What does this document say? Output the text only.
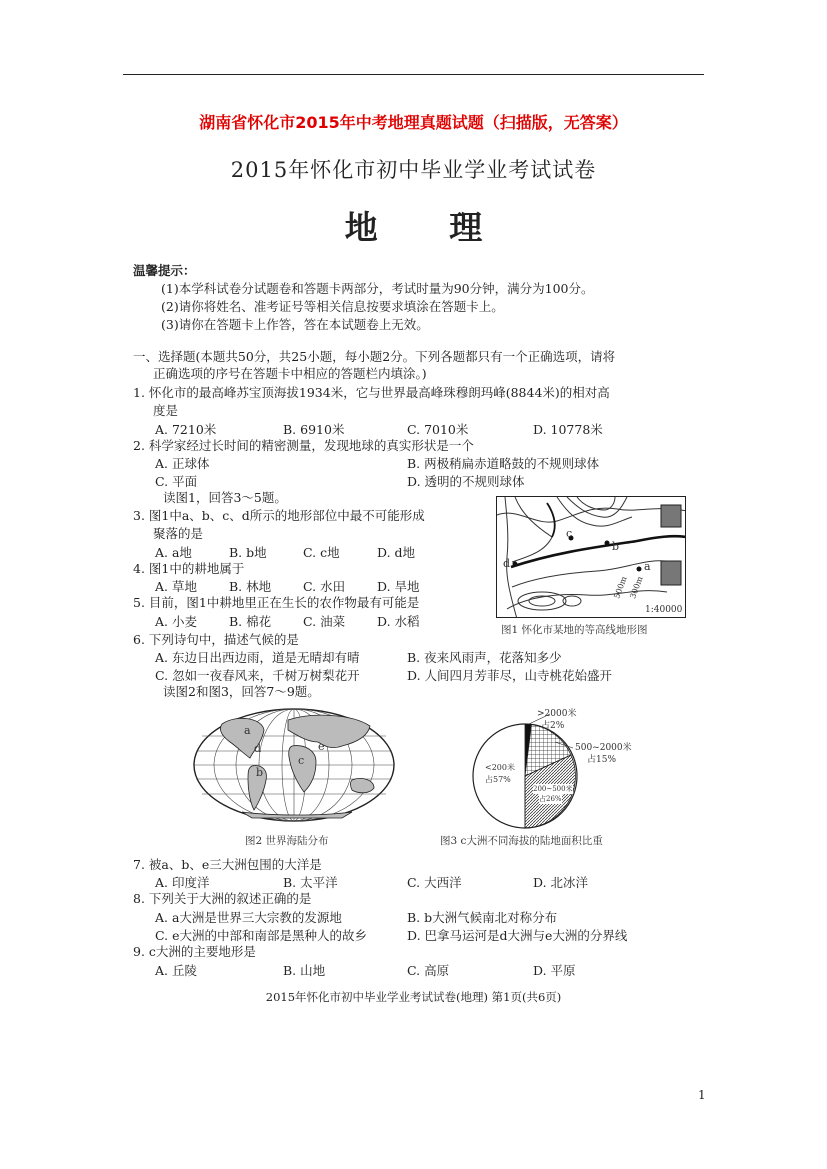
湖南省怀化市2015年中考地理真题试题（扫描版，无答案）
2015年怀化市初中毕业学业考试试卷
地 理
温馨提示：
(1)本学科试卷分试题卷和答题卡两部分，考试时量为90分钟，满分为100分。
(2)请你将姓名、准考证号等相关信息按要求填涂在答题卡上。
(3)请你在答题卡上作答，答在本试题卷上无效。
一、选择题(本题共50分，共25小题，每小题2分。下列各题都只有一个正确选项，请将
正确选项的序号在答题卡中相应的答题栏内填涂。)
1. 怀化市的最高峰苏宝顶海拔1934米，它与世界最高峰珠穆朗玛峰(8844米)的相对高
度是
A. 7210米	B. 6910米	C. 7010米	D. 10778米
2. 科学家经过长时间的精密测量，发现地球的真实形状是一个
A. 正球体	B. 两极稍扁赤道略鼓的不规则球体
C. 平面	D. 透明的不规则球体
读图1，回答3～5题。
3. 图1中a、b、c、d所示的地形部位中最不可能形成
聚落的是
A. a地	B. b地	C. c地	D. d地
4. 图1中的耕地属于
A. 草地	B. 林地	C. 水田	D. 旱地
5. 目前，图1中耕地里正在生长的农作物最有可能是
A. 小麦	B. 棉花	C. 油菜	D. 水稻
c
b
a
d
500m 300m
1:40000
图1 怀化市某地的等高线地形图
6. 下列诗句中，描述气候的是
A. 东边日出西边雨，道是无晴却有晴	B. 夜来风雨声，花落知多少
C. 忽如一夜春风来，千树万树梨花开	D. 人间四月芳菲尽，山寺桃花始盛开
读图2和图3，回答7～9题。
a
b
c
d	e
图2 世界海陆分布
>2000米
占2%
500~2000米
占15%
<200米
占57%
200~500米
占26%
图3 c大洲不同海拔的陆地面积比重
7. 被a、b、e三大洲包围的大洋是
A. 印度洋	B. 太平洋	C. 大西洋	D. 北冰洋
8. 下列关于大洲的叙述正确的是
A. a大洲是世界三大宗教的发源地	B. b大洲气候南北对称分布
C. e大洲的中部和南部是黑种人的故乡	D. 巴拿马运河是d大洲与e大洲的分界线
9. c大洲的主要地形是
A. 丘陵	B. 山地	C. 高原	D. 平原
2015年怀化市初中毕业学业考试试卷(地理) 第1页(共6页)
1
